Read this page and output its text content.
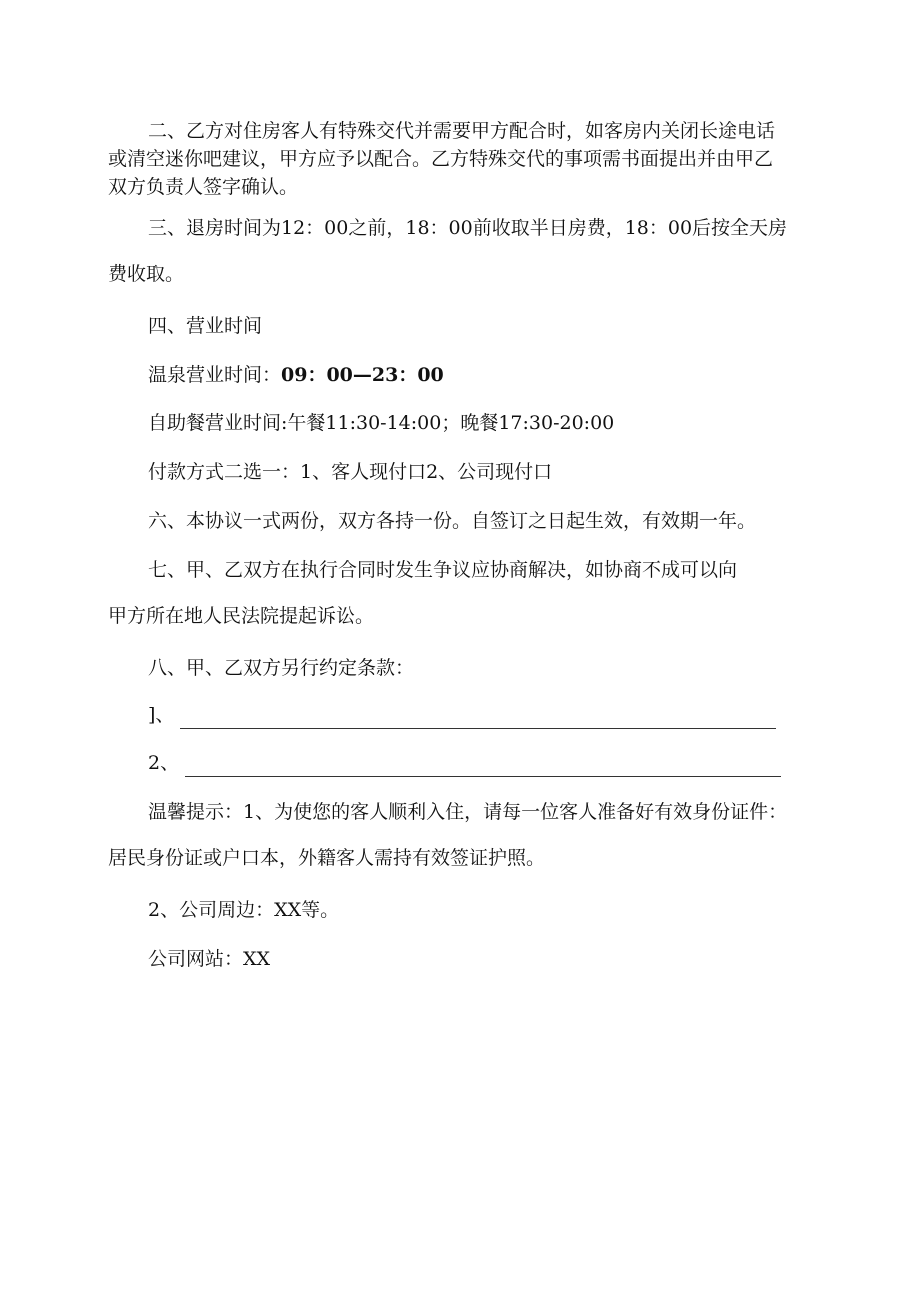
二、乙方对住房客人有特殊交代并需要甲方配合时，如客房内关闭长途电话
或清空迷你吧建议，甲方应予以配合。乙方特殊交代的事项需书面提出并由甲乙
双方负责人签字确认。
三、退房时间为12：00之前，18：00前收取半日房费，18：00后按全天房
费收取。
四、营业时间
温泉营业时间：09：00—23：00
自助餐营业时间:午餐11:30-14:00；晚餐17:30-20:00
付款方式二选一：1、客人现付口2、公司现付口
六、本协议一式两份，双方各持一份。自签订之日起生效，有效期一年。
七、甲、乙双方在执行合同时发生争议应协商解决，如协商不成可以向
甲方所在地人民法院提起诉讼。
八、甲、乙双方另行约定条款：
]、
2、
温馨提示：1、为使您的客人顺利入住，请每一位客人准备好有效身份证件：
居民身份证或户口本，外籍客人需持有效签证护照。
2、公司周边：XX等。
公司网站：XX
